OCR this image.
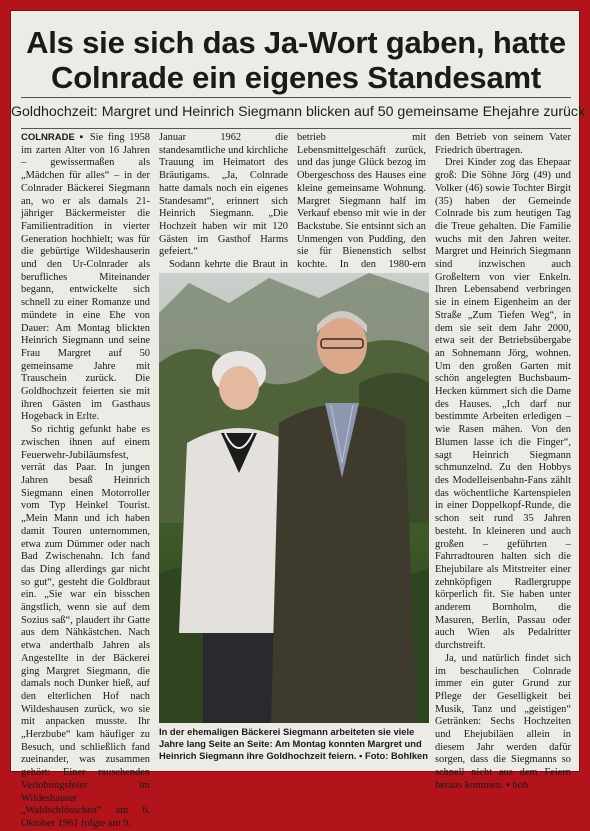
Als sie sich das Ja-Wort gaben, hatte
Colnrade ein eigenes Standesamt
Goldhochzeit: Margret und Heinrich Siegmann blicken auf 50 gemeinsame Ehejahre zurück

COLNRADE ▪ Sie fing 1958 im zarten Alter von 16 Jahren – gewissermaßen als „Mädchen für alles“ – in der Colnrader Bäckerei Siegmann an, wo er als damals 21-jähriger Bäckermeister die Familientradition in vierter Generation hochhielt; was für die gebürtige Wildeshauserin und den Ur-Colnrader als berufliches Miteinander begann, entwickelte sich schnell zu einer Romanze und mündete in eine Ehe von Dauer: Am Montag blickten Heinrich Siegmann und seine Frau Margret auf 50 gemeinsame Jahre mit Trauschein zurück. Die Goldhochzeit feierten sie mit ihren Gästen im Gasthaus Hogeback in Erlte.

So richtig gefunkt habe es zwischen ihnen auf einem Feuerwehr-Jubiläumsfest, verrät das Paar. In jungen Jahren besaß Heinrich Siegmann einen Motorroller vom Typ Heinkel Tourist. „Mein Mann und ich haben damit Touren unternommen, etwa zum Dümmer oder nach Bad Zwischenahn. Ich fand das Ding allerdings gar nicht so gut“, gesteht die Goldbraut ein. „Sie war ein bisschen ängstlich, wenn sie auf dem Sozius saß“, plaudert ihr Gatte aus dem Nähkästchen. Nach etwa anderthalb Jahren als Angestellte in der Bäckerei ging Margret Siegmann, die damals noch Dunker hieß, auf den elterlichen Hof nach Wildeshausen zurück, wo sie mit anpacken musste. Ihr „Herzbube“ kam häufiger zu Besuch, und schließlich fand zueinander, was zusammen gehört: Einer rauschenden Verlobungsfeier im Wildeshauser „Waldschlösschen“ am 6. Oktober 1961 folgte am 9.

Januar 1962 die standesamtliche und kirchliche Trauung im Heimatort des Bräutigams. „Ja, Colnrade hatte damals noch ein eigenes Standesamt“, erinnert sich Heinrich Siegmann. „Die Hochzeit haben wir mit 120 Gästen im Gasthof Harms gefeiert.“

Sodann kehrte die Braut in

betrieb mit Lebensmittelgeschäft zurück, und das junge Glück bezog im Obergeschoss des Hauses eine kleine gemeinsame Wohnung. Margret Siegmann half im Verkauf ebenso mit wie in der Backstube. Sie entsinnt sich an Unmengen von Pudding, den sie für Bienenstich selbst kochte. In den 1980-ern

den Betrieb von seinem Vater Friedrich übertragen.

Drei Kinder zog das Ehepaar groß: Die Söhne Jörg (49) und Volker (46) sowie Tochter Birgit (35) haben der Gemeinde Colnrade bis zum heutigen Tag die Treue gehalten. Die Familie wuchs mit den Jahren weiter. Margret und Heinrich Siegmann sind inzwischen auch Großeltern von vier Enkeln. Ihren Lebensabend verbringen sie in einem Eigenheim an der Straße „Zum Tiefen Weg“, in dem sie seit dem Jahr 2000, etwa seit der Betriebsübergabe an Sohnemann Jörg, wohnen. Um den großen Garten mit schön angelegten Buchsbaum-Hecken kümmert sich die Dame des Hauses. „Ich darf nur bestimmte Arbeiten erledigen – wie Rasen mähen. Von den Blumen lasse ich die Finger“, sagt Heinrich Siegmann schmunzelnd. Zu den Hobbys des Modelleisenbahn-Fans zählt das wöchentliche Kartenspielen in einer Doppelkopf-Runde, die schon seit rund 35 Jahren besteht. In kleineren und auch großen – geführten – Fahrradtouren halten sich die Ehejubilare als Mitstreiter einer zehnköpfigen Radlergruppe körperlich fit. Sie haben unter anderem Bornholm, die Masuren, Berlin, Passau oder auch Wien als Pedalritter durchstreift.

Ja, und natürlich findet sich im beschaulichen Colnrade immer ein guter Grund zur Pflege der Geselligkeit bei Musik, Tanz und „geistigen“ Getränken: Sechs Hochzeiten und Ehejubiläen allein in diesem Jahr werden dafür sorgen, dass die Siegmanns so schnell nicht aus dem Feiern heraus kommen. ▪ boh

In der ehemaligen Bäckerei Siegmann arbeiteten sie viele Jahre lang Seite an Seite: Am Montag konnten Margret und Heinrich Siegmann ihre Goldhochzeit feiern. ▪ Foto: Bohlken
